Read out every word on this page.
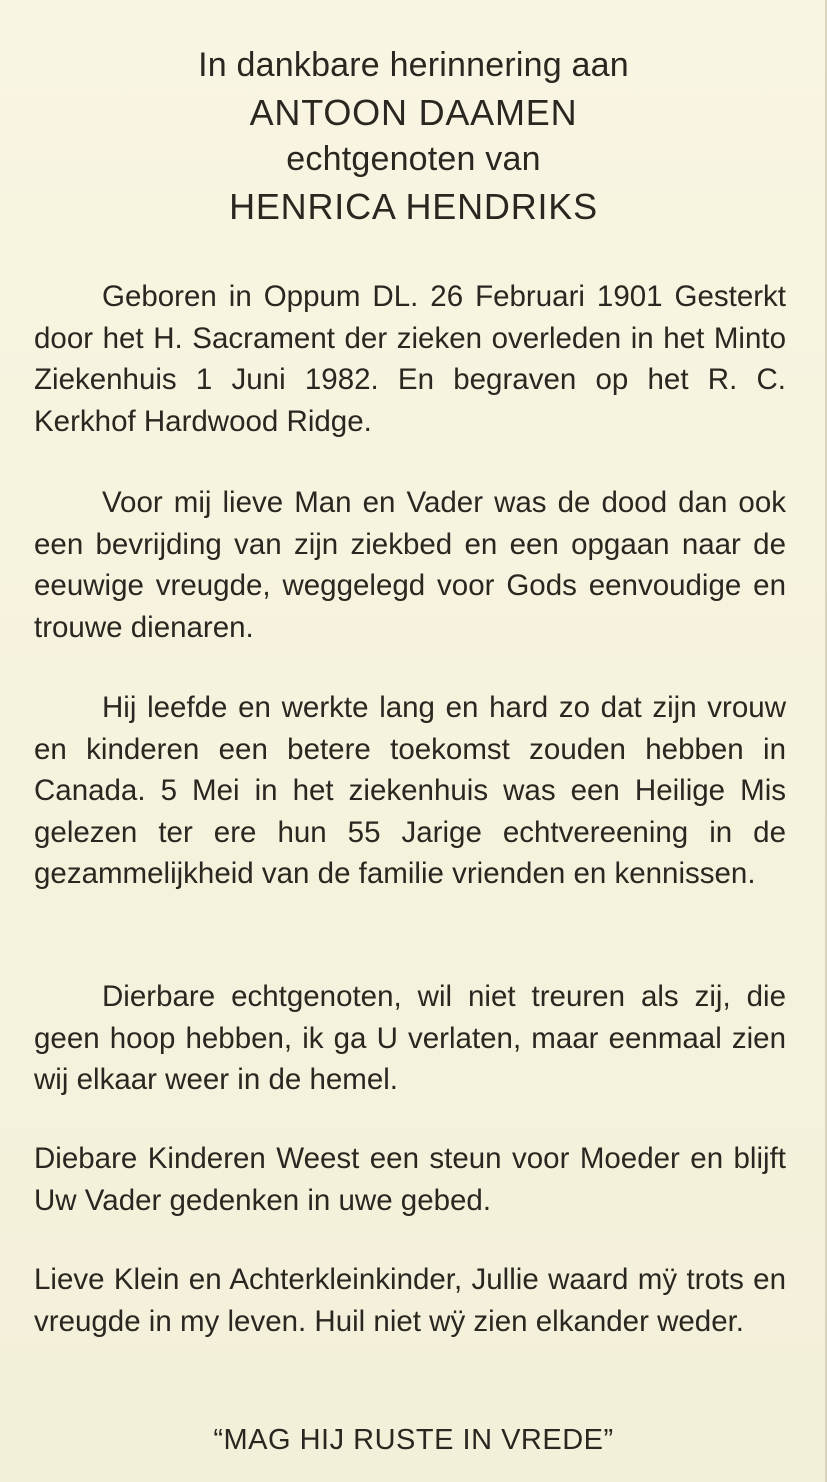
In dankbare herinnering aan
ANTOON DAAMEN
echtgenoten van
HENRICA HENDRIKS

Geboren in Oppum DL. 26 Februari 1901 Gesterkt door het H. Sacrament der zieken overleden in het Minto Ziekenhuis 1 Juni 1982. En begraven op het R. C. Kerkhof Hardwood Ridge.

Voor mij lieve Man en Vader was de dood dan ook een bevrijding van zijn ziekbed en een opgaan naar de eeuwige vreugde, weggelegd voor Gods eenvoudige en trouwe dienaren.

Hij leefde en werkte lang en hard zo dat zijn vrouw en kinderen een betere toekomst zouden hebben in Canada. 5 Mei in het ziekenhuis was een Heilige Mis gelezen ter ere hun 55 Jarige echtvereening in de gezammelijkheid van de familie vrienden en kennissen.

Dierbare echtgenoten, wil niet treuren als zij, die geen hoop hebben, ik ga U verlaten, maar eenmaal zien wij elkaar weer in de hemel.

Diebare Kinderen Weest een steun voor Moeder en blijft Uw Vader gedenken in uwe gebed.

Lieve Klein en Achterkleinkinder, Jullie waard mÿ trots en vreugde in my leven. Huil niet wÿ zien elkander weder.

“MAG HIJ RUSTE IN VREDE”
